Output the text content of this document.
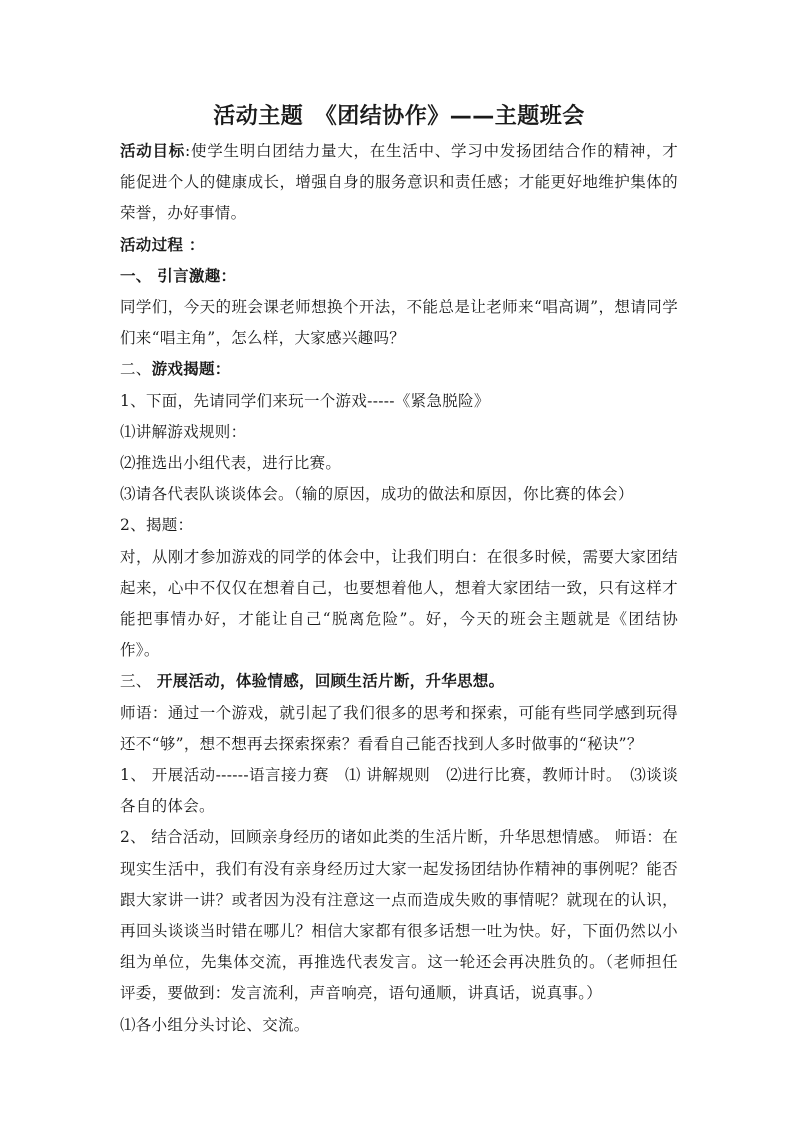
活动主题　《团结协作》——主题班会

活动目标:使学生明白团结力量大，在生活中、学习中发扬团结合作的精神，才能促进个人的健康成长，增强自身的服务意识和责任感；才能更好地维护集体的荣誉，办好事情。

活动过程 ：

一、 引言激趣：

同学们，今天的班会课老师想换个开法，不能总是让老师来“唱高调”，想请同学们来“唱主角”，怎么样，大家感兴趣吗？

二、游戏揭题：

1、下面，先请同学们来玩一个游戏-----《紧急脱险》

⑴讲解游戏规则：

⑵推选出小组代表，进行比赛。

⑶请各代表队谈谈体会。（输的原因，成功的做法和原因，你比赛的体会）

2、揭题：

对，从刚才参加游戏的同学的体会中，让我们明白：在很多时候，需要大家团结起来，心中不仅仅在想着自己，也要想着他人，想着大家团结一致，只有这样才能把事情办好，才能让自己“脱离危险”。好，今天的班会主题就是《团结协作》。

三、 开展活动，体验情感，回顾生活片断，升华思想。

师语：通过一个游戏，就引起了我们很多的思考和探索，可能有些同学感到玩得还不“够”，想不想再去探索探索？看看自己能否找到人多时做事的“秘诀”？

1、 开展活动------语言接力赛　⑴ 讲解规则　⑵进行比赛，教师计时。　⑶谈谈各自的体会。

2、 结合活动，回顾亲身经历的诸如此类的生活片断，升华思想情感。 师语：在现实生活中，我们有没有亲身经历过大家一起发扬团结协作精神的事例呢？能否跟大家讲一讲？或者因为没有注意这一点而造成失败的事情呢？就现在的认识，再回头谈谈当时错在哪儿？相信大家都有很多话想一吐为快。好，下面仍然以小组为单位，先集体交流，再推选代表发言。这一轮还会再决胜负的。（老师担任评委，要做到：发言流利，声音响亮，语句通顺，讲真话，说真事。）

⑴各小组分头讨论、交流。
